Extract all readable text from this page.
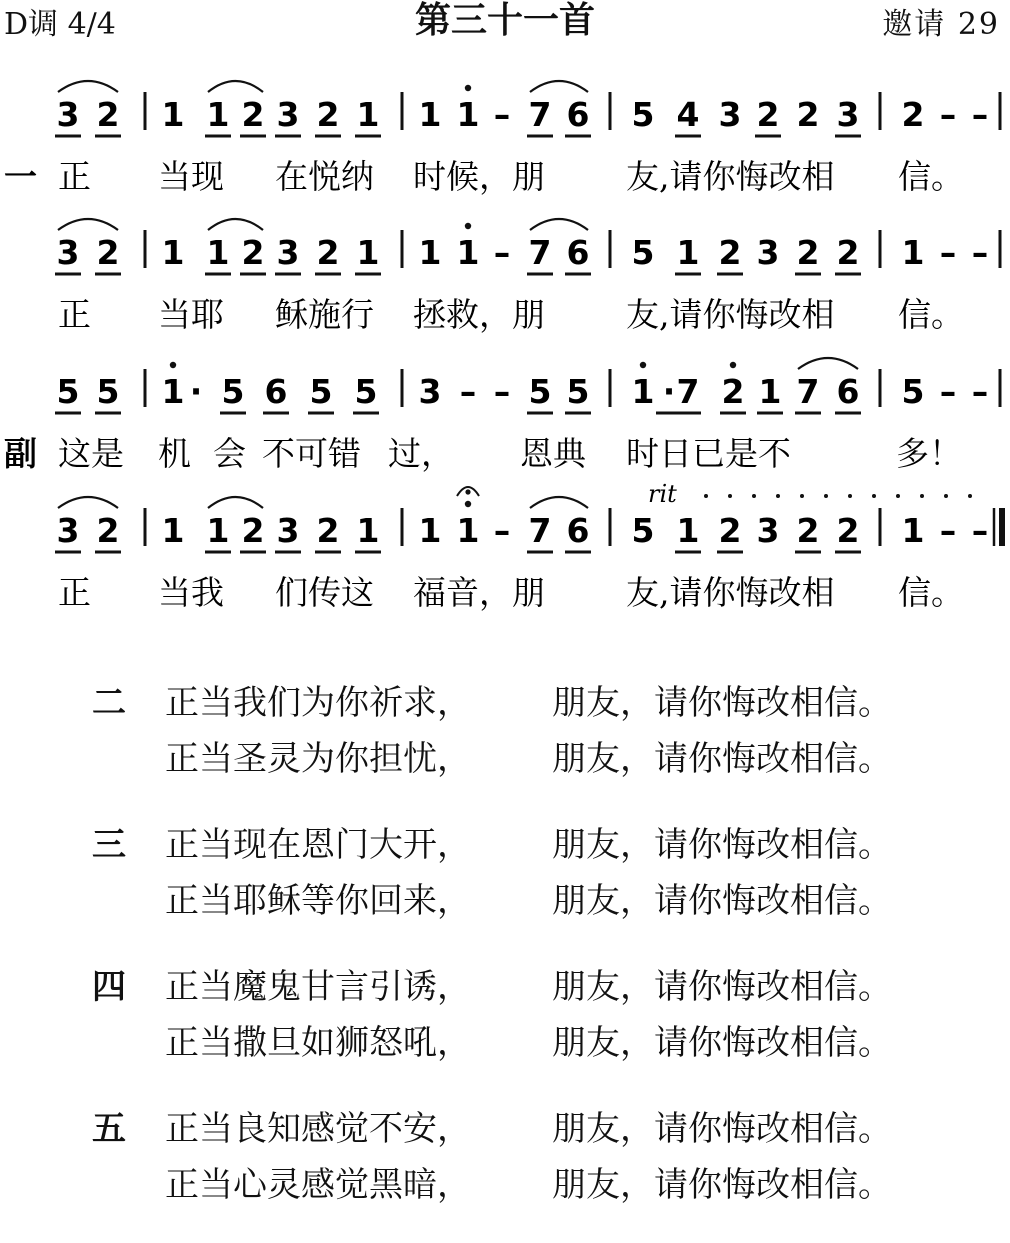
D调 4/4	第三十一首	邀请 29
3 2 1 1 2 3 2 1 1 1 – 7 6 5 4 3 2 2 3 2 – –
一 正 当现 在悦纳 时候，朋 友,请你悔改相 信。
3 2 1 1 2 3 2 1 1 1 – 7 6 5 1 2 3 2 2 1 – –
正 当耶 稣施行 拯救，朋 友,请你悔改相 信。
5 5 1 · 5 6 5 5 3 – – 5 5 1 · 7 2 1 7 6 5 – –
副 这是 机 会 不可错 过， 恩典 时日已是不	多！
3 2 1 1 2 3 2 1 1 1 – 7 6 5 1 2 3 2 2 1 – –
正 当我 们传这 福音，朋 友,请你悔改相 信。
rit
二 正当我们为你祈求， 朋友，请你悔改相信。
正当圣灵为你担忧， 朋友，请你悔改相信。
三 正当现在恩门大开， 朋友，请你悔改相信。
正当耶稣等你回来， 朋友，请你悔改相信。
四 正当魔鬼甘言引诱， 朋友，请你悔改相信。
正当撒旦如狮怒吼， 朋友，请你悔改相信。
五 正当良知感觉不安， 朋友，请你悔改相信。
正当心灵感觉黑暗， 朋友，请你悔改相信。
